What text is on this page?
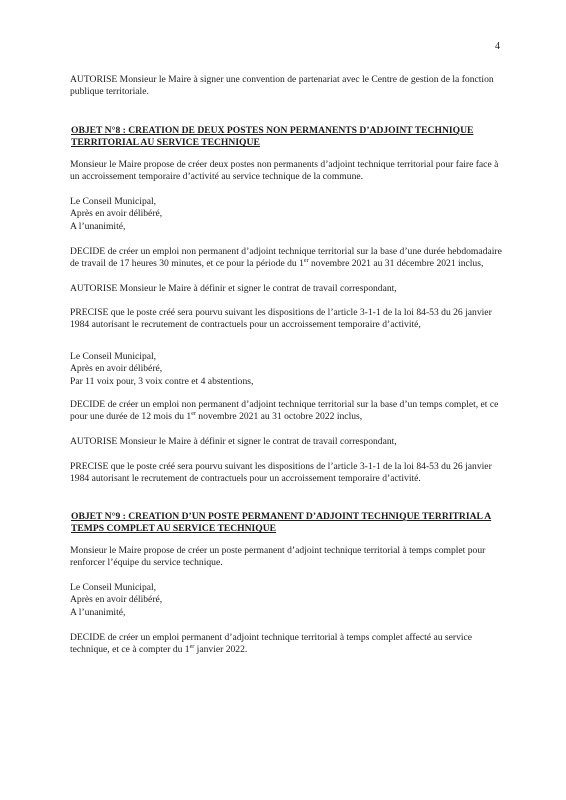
4

AUTORISE Monsieur le Maire à signer une convention de partenariat avec le Centre de gestion de la fonction publique territoriale.

OBJET N°8 : CREATION DE DEUX POSTES NON PERMANENTS D’ADJOINT TECHNIQUE TERRITORIAL AU SERVICE TECHNIQUE

Monsieur le Maire propose de créer deux postes non permanents d’adjoint technique territorial pour faire face à un accroissement temporaire d’activité au service technique de la commune.

Le Conseil Municipal,
Après en avoir délibéré,
A l’unanimité,

DECIDE de créer un emploi non permanent d’adjoint technique territorial sur la base d’une durée hebdomadaire de travail de 17 heures 30 minutes, et ce pour la période du 1er novembre 2021 au 31 décembre 2021 inclus,

AUTORISE Monsieur le Maire à définir et signer le contrat de travail correspondant,

PRECISE que le poste créé sera pourvu suivant les dispositions de l’article 3-1-1 de la loi 84-53 du 26 janvier 1984 autorisant le recrutement de contractuels pour un accroissement temporaire d’activité,

Le Conseil Municipal,
Après en avoir délibéré,
Par 11 voix pour, 3 voix contre et 4 abstentions,

DECIDE de créer un emploi non permanent d’adjoint technique territorial sur la base d’un temps complet, et ce pour une durée de 12 mois du 1er novembre 2021 au 31 octobre 2022 inclus,

AUTORISE Monsieur le Maire à définir et signer le contrat de travail correspondant,

PRECISE que le poste créé sera pourvu suivant les dispositions de l’article 3-1-1 de la loi 84-53 du 26 janvier 1984 autorisant le recrutement de contractuels pour un accroissement temporaire d’activité.

OBJET N°9 : CREATION D’UN POSTE PERMANENT D’ADJOINT TECHNIQUE TERRITRIAL A TEMPS COMPLET AU SERVICE TECHNIQUE

Monsieur le Maire propose de créer un poste permanent d’adjoint technique territorial à temps complet pour renforcer l’équipe du service technique.

Le Conseil Municipal,
Après en avoir délibéré,
A l’unanimité,

DECIDE de créer un emploi permanent d’adjoint technique territorial à temps complet affecté au service technique, et ce à compter du 1er janvier 2022.
